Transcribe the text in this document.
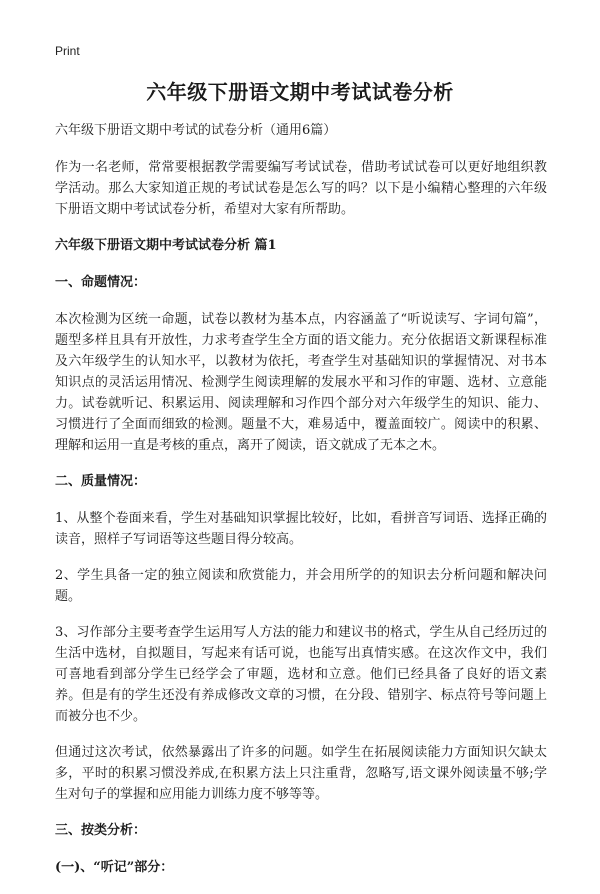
Print
六年级下册语文期中考试试卷分析

六年级下册语文期中考试的试卷分析（通用6篇）

作为一名老师，常常要根据教学需要编写考试试卷，借助考试试卷可以更好地组织教学活动。那么大家知道正规的考试试卷是怎么写的吗？以下是小编精心整理的六年级下册语文期中考试试卷分析，希望对大家有所帮助。

六年级下册语文期中考试试卷分析 篇1

一、命题情况：

本次检测为区统一命题，试卷以教材为基本点，内容涵盖了“听说读写、字词句篇”，题型多样且具有开放性，力求考查学生全方面的语文能力。充分依据语文新课程标准及六年级学生的认知水平，以教材为依托，考查学生对基础知识的掌握情况、对书本知识点的灵活运用情况、检测学生阅读理解的发展水平和习作的审题、选材、立意能力。试卷就听记、积累运用、阅读理解和习作四个部分对六年级学生的知识、能力、习惯进行了全面而细致的检测。题量不大，难易适中，覆盖面较广。阅读中的积累、理解和运用一直是考核的重点，离开了阅读，语文就成了无本之木。

二、质量情况：

1、从整个卷面来看，学生对基础知识掌握比较好，比如，看拼音写词语、选择正确的读音，照样子写词语等这些题目得分较高。

2、学生具备一定的独立阅读和欣赏能力，并会用所学的的知识去分析问题和解决问题。

3、习作部分主要考查学生运用写人方法的能力和建议书的格式，学生从自己经历过的生活中选材，自拟题目，写起来有话可说，也能写出真情实感。在这次作文中，我们可喜地看到部分学生已经学会了审题，选材和立意。他们已经具备了良好的语文素养。但是有的学生还没有养成修改文章的习惯，在分段、错别字、标点符号等问题上而被分也不少。

但通过这次考试，依然暴露出了许多的问题。如学生在拓展阅读能力方面知识欠缺太多，平时的积累习惯没养成,在积累方法上只注重背，忽略写,语文课外阅读量不够;学生对句子的掌握和应用能力训练力度不够等等。

三、按类分析：

(一)、“听记”部分：
